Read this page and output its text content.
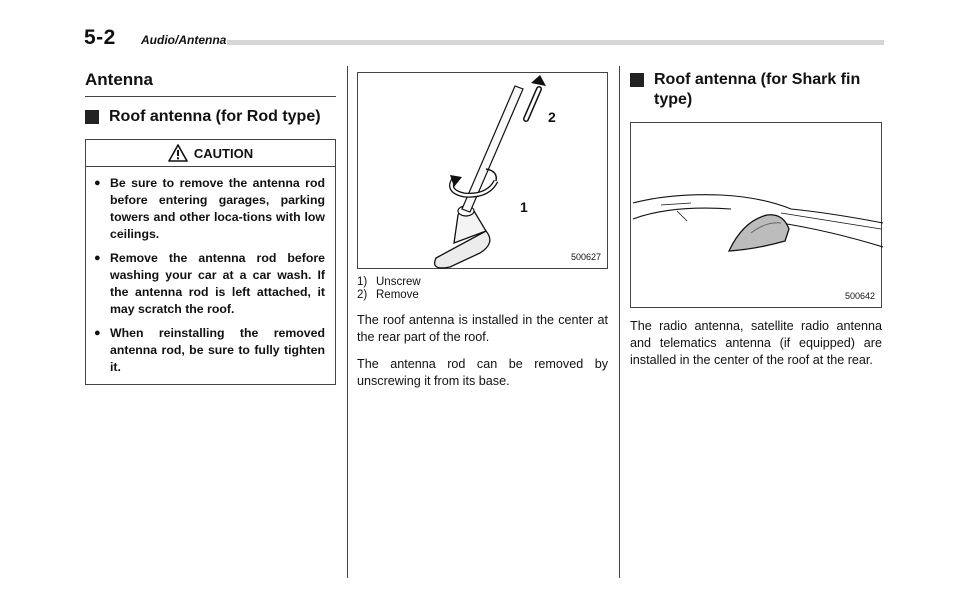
5-2 Audio/Antenna
Antenna
Roof antenna (for Rod type)
CAUTION
● Be sure to remove the antenna rod before entering garages, parking towers and other loca-tions with low ceilings.
● Remove the antenna rod before washing your car at a car wash. If the antenna rod is left attached, it may scratch the roof.
● When reinstalling the removed antenna rod, be sure to fully tighten it.
2
1
500627
1) Unscrew
2) Remove

The roof antenna is installed in the center at the rear part of the roof.

The antenna rod can be removed by unscrewing it from its base.

Roof antenna (for Shark fin type)
500642

The radio antenna, satellite radio antenna and telematics antenna (if equipped) are installed in the center of the roof at the rear.
